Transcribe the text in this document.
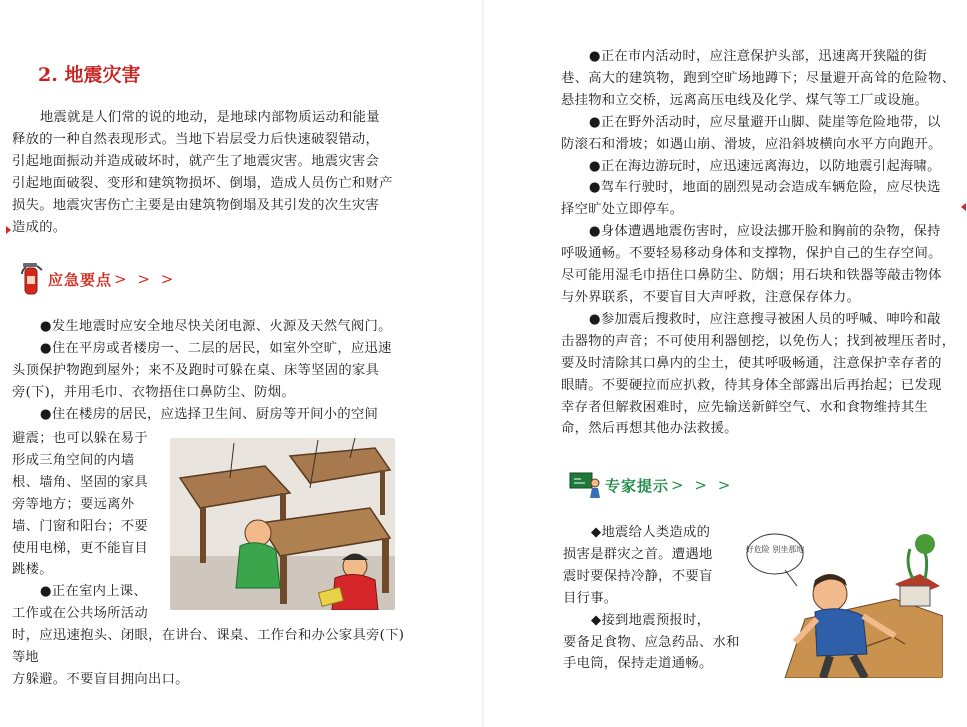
2. 地震灾害

地震就是人们常的说的地动，是地球内部物质运动和能量

释放的一种自然表现形式。当地下岩层受力后快速破裂错动，

引起地面振动并造成破坏时，就产生了地震灾害。地震灾害会

引起地面破裂、变形和建筑物损坏、倒塌，造成人员伤亡和财产

损失。地震灾害伤亡主要是由建筑物倒塌及其引发的次生灾害

造成的。

应急要点 > > >

●发生地震时应安全地尽快关闭电源、火源及天然气阀门。

●住在平房或者楼房一、二层的居民，如室外空旷，应迅速

头顶保护物跑到屋外；来不及跑时可躲在桌、床等坚固的家具

旁(下)，并用毛巾、衣物捂住口鼻防尘、防烟。

●住在楼房的居民，应选择卫生间、厨房等开间小的空间

避震；也可以躲在易于

形成三角空间的内墙

根、墙角、坚固的家具

旁等地方；要远离外

墙、门窗和阳台；不要

使用电梯，更不能盲目

跳楼。

●正在室内上课、

工作或在公共场所活动

时，应迅速抱头、闭眼，在讲台、课桌、工作台和办公家具旁(下)等地

方躲避。不要盲目拥向出口。

●正在市内活动时，应注意保护头部，迅速离开狭隘的街

巷、高大的建筑物，跑到空旷场地蹲下；尽量避开高耸的危险物、

悬挂物和立交桥，远离高压电线及化学、煤气等工厂或设施。

●正在野外活动时，应尽量避开山脚、陡崖等危险地带，以

防滚石和滑坡；如遇山崩、滑坡，应沿斜坡横向水平方向跑开。

●正在海边游玩时，应迅速远离海边，以防地震引起海啸。

●驾车行驶时，地面的剧烈晃动会造成车辆危险，应尽快选

择空旷处立即停车。

●身体遭遇地震伤害时，应设法挪开脸和胸前的杂物，保持

呼吸通畅。不要轻易移动身体和支撑物，保护自己的生存空间。

尽可能用湿毛巾捂住口鼻防尘、防烟；用石块和铁器等敲击物体

与外界联系，不要盲目大声呼救，注意保存体力。

●参加震后搜救时，应注意搜寻被困人员的呼喊、呻吟和敲

击器物的声音；不可使用利器刨挖，以免伤人；找到被埋压者时，

要及时清除其口鼻内的尘土，使其呼吸畅通，注意保护幸存者的

眼睛。不要硬拉而应扒救，待其身体全部露出后再抬起；已发现

幸存者但解救困难时，应先输送新鲜空气、水和食物维持其生

命，然后再想其他办法救援。

专家提示 > > >

◆地震给人类造成的

损害是群灾之首。遭遇地

震时要保持冷静，不要盲

目行事。

◆接到地震预报时，

要备足食物、应急药品、水和

手电筒，保持走道通畅。

好危险 别坐那地
